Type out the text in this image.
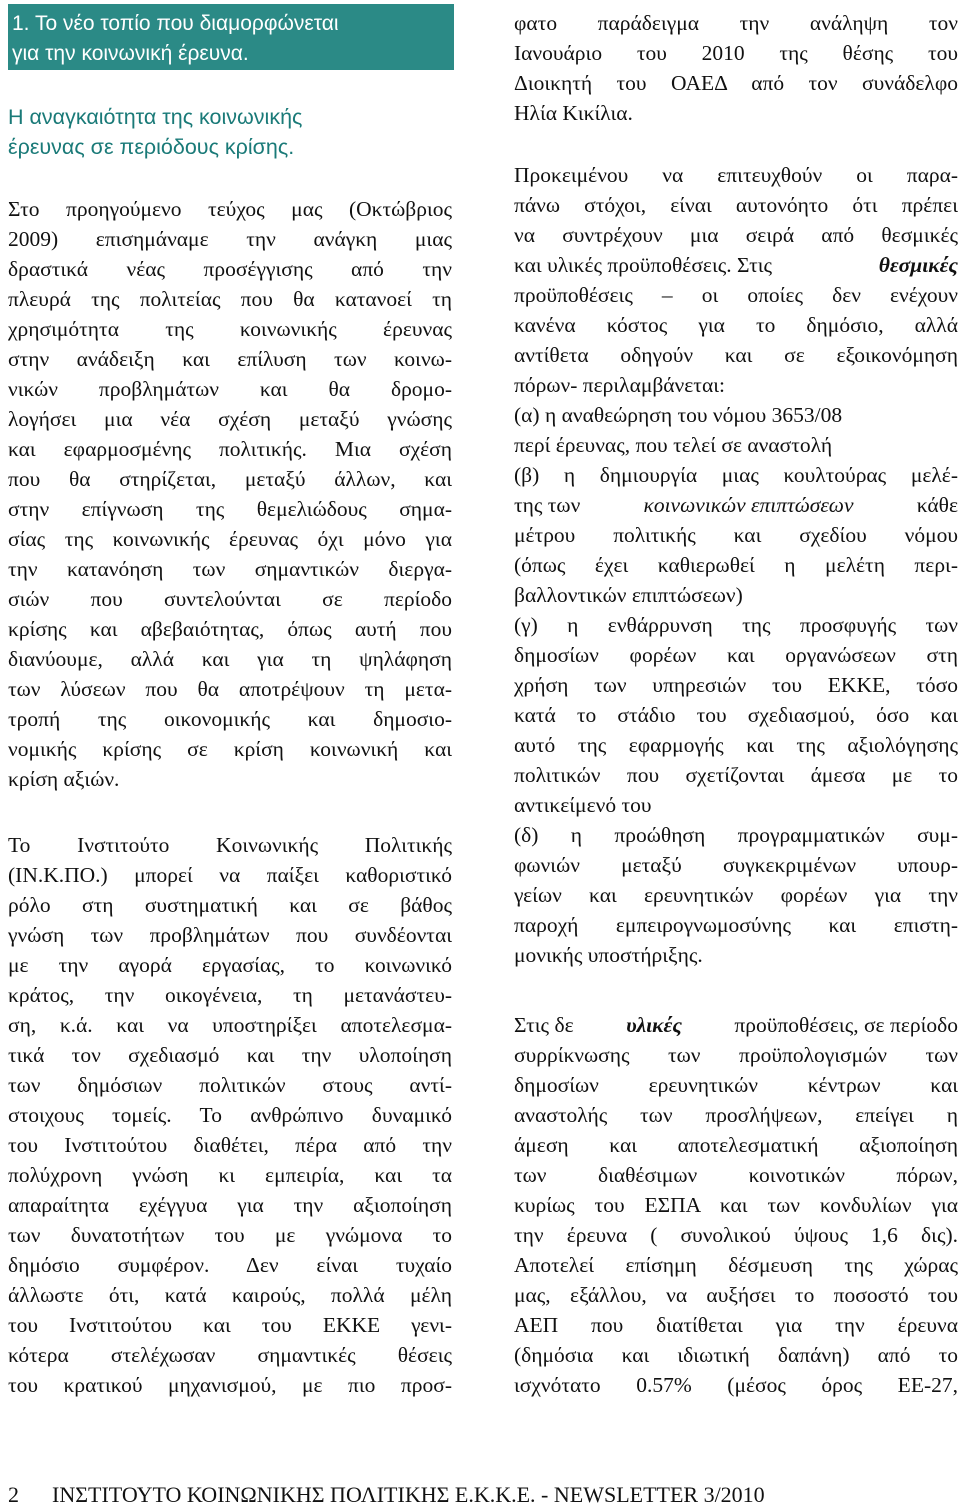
1. Το νέο τοπίο που διαμορφώνεται
για την κοινωνική έρευνα.
Η αναγκαιότητα της κοινωνικής
έρευνας σε περιόδους κρίσης.
Στο προηγούμενο τεύχος μας (Οκτώβριος
2009) επισημάναμε την ανάγκη μιας
δραστικά νέας προσέγγισης από την
πλευρά της πολιτείας που θα κατανοεί τη
χρησιμότητα της κοινωνικής έρευνας
στην ανάδειξη και επίλυση των κοινω-
νικών προβλημάτων και θα δρομο-
λογήσει μια νέα σχέση μεταξύ γνώσης
και εφαρμοσμένης πολιτικής. Μια σχέση
που θα στηρίζεται, μεταξύ άλλων, και
στην επίγνωση της θεμελιώδους σημα-
σίας της κοινωνικής έρευνας όχι μόνο για
την κατανόηση των σημαντικών διεργα-
σιών που συντελούνται σε περίοδο
κρίσης και αβεβαιότητας, όπως αυτή που
διανύουμε, αλλά και για τη ψηλάφηση
των λύσεων που θα αποτρέψουν τη μετα-
τροπή της οικονομικής και δημοσιο-
νομικής κρίσης σε κρίση κοινωνική και
κρίση αξιών.
Το Ινστιτούτο Κοινωνικής Πολιτικής
(ΙΝ.Κ.ΠΟ.) μπορεί να παίξει καθοριστικό
ρόλο στη συστηματική και σε βάθος
γνώση των προβλημάτων που συνδέονται
με την αγορά εργασίας, το κοινωνικό
κράτος, την οικογένεια, τη μετανάστευ-
ση, κ.ά. και να υποστηρίξει αποτελεσμα-
τικά τον σχεδιασμό και την υλοποίηση
των δημόσιων πολιτικών στους αντί-
στοιχους τομείς. Το ανθρώπινο δυναμικό
του Ινστιτούτου διαθέτει, πέρα από την
πολύχρονη γνώση κι εμπειρία, και τα
απαραίτητα εχέγγυα για την αξιοποίηση
των δυνατοτήτων του με γνώμονα το
δημόσιο συμφέρον. Δεν είναι τυχαίο
άλλωστε ότι, κατά καιρούς, πολλά μέλη
του Ινστιτούτου και του ΕΚΚΕ γενι-
κότερα στελέχωσαν σημαντικές θέσεις
του κρατικού μηχανισμού, με πιο προσ-
φατο παράδειγμα την ανάληψη τον
Ιανουάριο του 2010 της θέσης του
Διοικητή του ΟΑΕΔ από τον συνάδελφο
Ηλία Κικίλια.
Προκειμένου να επιτευχθούν οι παρα-
πάνω στόχοι, είναι αυτονόητο ότι πρέπει
να συντρέχουν μια σειρά από θεσμικές
και υλικές προϋποθέσεις. Στις	θεσμικές
προϋποθέσεις – οι οποίες δεν ενέχουν
κανένα κόστος για το δημόσιο, αλλά
αντίθετα οδηγούν και σε εξοικονόμηση
πόρων- περιλαμβάνεται:
(α) η αναθεώρηση του νόμου 3653/08
περί έρευνας, που τελεί σε αναστολή
(β) η δημιουργία μιας κουλτούρας μελέ-
της των	κοινωνικών επιπτώσεων	κάθε
μέτρου πολιτικής και σχεδίου νόμου
(όπως έχει καθιερωθεί η μελέτη περι-
βαλλοντικών επιπτώσεων)
(γ) η ενθάρρυνση της προσφυγής των
δημοσίων φορέων και οργανώσεων στη
χρήση των υπηρεσιών του ΕΚΚΕ, τόσο
κατά το στάδιο του σχεδιασμού, όσο και
αυτό της εφαρμογής και της αξιολόγησης
πολιτικών που σχετίζονται άμεσα με το
αντικείμενό του
(δ) η προώθηση προγραμματικών συμ-
φωνιών μεταξύ συγκεκριμένων υπουρ-
γείων και ερευνητικών φορέων για την
παροχή εμπειρογνωμοσύνης και επιστη-
μονικής υποστήριξης.
Στις δε υλικές προϋποθέσεις, σε περίοδο
συρρίκνωσης των προϋπολογισμών των
δημοσίων ερευνητικών κέντρων και
αναστολής των προσλήψεων, επείγει η
άμεση και αποτελεσματική αξιοποίηση
των διαθέσιμων κοινοτικών πόρων,
κυρίως του ΕΣΠΑ και των κονδυλίων για
την έρευνα ( συνολικού ύψους 1,6 δις).
Αποτελεί επίσημη δέσμευση της χώρας
μας, εξάλλου, να αυξήσει το ποσοστό του
ΑΕΠ που διατίθεται για την έρευνα
(δημόσια και ιδιωτική δαπάνη) από το
ισχνότατο 0.57% (μέσος όρος ΕΕ-27,
2 ΙΝΣΤΙΤΟΥΤΟ ΚΟΙΝΩΝΙΚΗΣ ΠΟΛΙΤΙΚΗΣ Ε.Κ.Κ.Ε. - NEWSLETTER 3/2010
